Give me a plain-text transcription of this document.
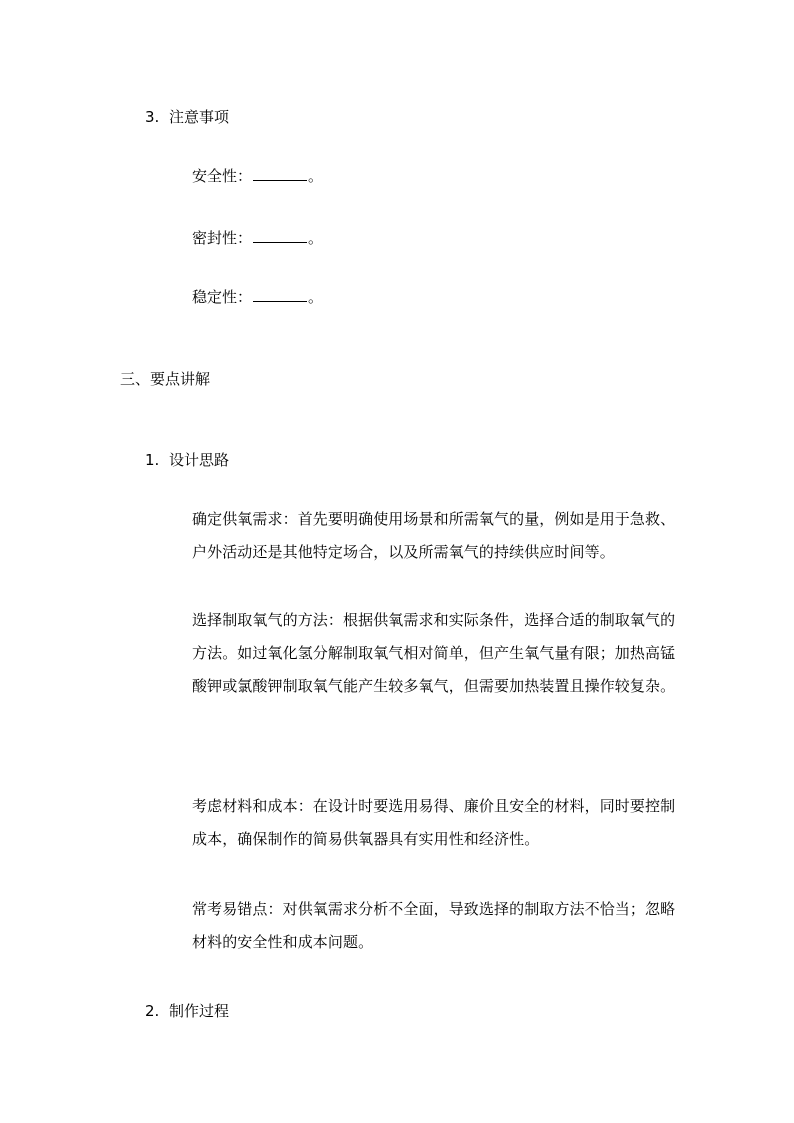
3. 注意事项
安全性：	。
密封性：	。
稳定性：	。
三、要点讲解
1. 设计思路
确定供氧需求：首先要明确使用场景和所需氧气的量，例如是用于急救、户外活动还是其他特定场合，以及所需氧气的持续供应时间等。
选择制取氧气的方法：根据供氧需求和实际条件，选择合适的制取氧气的方法。如过氧化氢分解制取氧气相对简单，但产生氧气量有限；加热高锰酸钾或氯酸钾制取氧气能产生较多氧气，但需要加热装置且操作较复杂。
考虑材料和成本：在设计时要选用易得、廉价且安全的材料，同时要控制成本，确保制作的简易供氧器具有实用性和经济性。
常考易错点：对供氧需求分析不全面，导致选择的制取方法不恰当；忽略材料的安全性和成本问题。
2. 制作过程
